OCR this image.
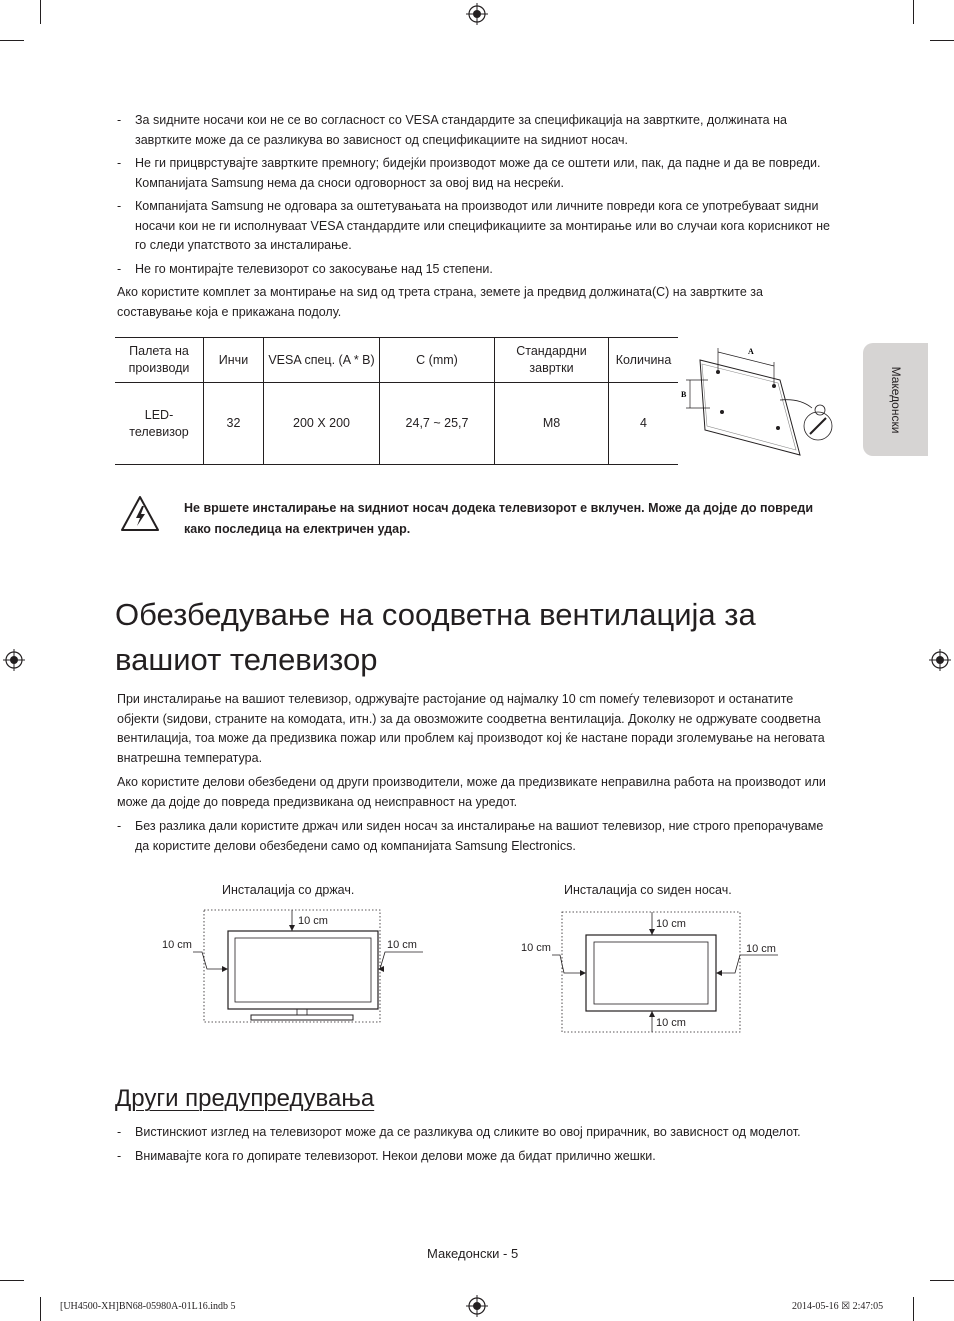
Македонски
- За ѕидните носачи кои не се во согласност со VESA стандардите за спецификација на завртките, должината на завртките може да се разликува во зависност од спецификациите на ѕидниот носач.
- Не ги прицврстувајте завртките премногу; бидејќи производот може да се оштети или, пак, да падне и да ве повреди. Компанијата Samsung нема да сноси одговорност за овој вид на несреќи.
- Компанијата Samsung не одговара за оштетувањата на производот или личните повреди кога се употребуваат ѕидни носачи кои не ги исполнуваат VESA стандардите или спецификациите за монтирање или во случаи кога корисникот не го следи упатството за инсталирање.
- Не го монтирајте телевизорот со закосување над 15 степени.

Ако користите комплет за монтирање на ѕид од трета страна, земете ја предвид должината(C) на завртките за составување која е прикажана подолу.

Палета на производи	Инчи	VESA спец. (A * B)	C (mm)	Стандардни завртки	Количина
LED-телевизор	32	200 X 200	24,7 ~ 25,7	M8	4
A
B
Не вршете инсталирање на ѕидниот носач додека телевизорот е вклучен. Може да дојде до повреди како последица на електричен удар.
Обезбедување на соодветна вентилација за
вашиот телевизор

При инсталирање на вашиот телевизор, одржувајте растојание од најмалку 10 cm помеѓу телевизорот и останатите објекти (ѕидови, страните на комодата, итн.) за да овозможите соодветна вентилација. Доколку не одржувате соодветна вентилација, тоа може да предизвика пожар или проблем кај производот кој ќе настане поради зголемување на неговата внатрешна температура.

Ако користите делови обезбедени од други производители, може да предизвикате неправилна работа на производот или може да дојде до повреда предизвикана од неисправност на уредот.

- Без разлика дали користите држач или ѕиден носач за инсталирање на вашиот телевизор, ние строго препорачуваме да користите делови обезбедени само од компанијата Samsung Electronics.
Инсталација со држач.	Инсталација со ѕиден носач.
10 cm
10 cm	10 cm
10 cm
10 cm
10 cm	10 cm
Други предупредувања
- Вистинскиот изглед на телевизорот може да се разликува од сликите во овој прирачник, во зависност од моделот.
- Внимавајте кога го допирате телевизорот. Некои делови може да бидат прилично жешки.
Македонски - 5
[UH4500-XH]BN68-05980A-01L16.indb 5	2014-05-16 ☒ 2:47:05
